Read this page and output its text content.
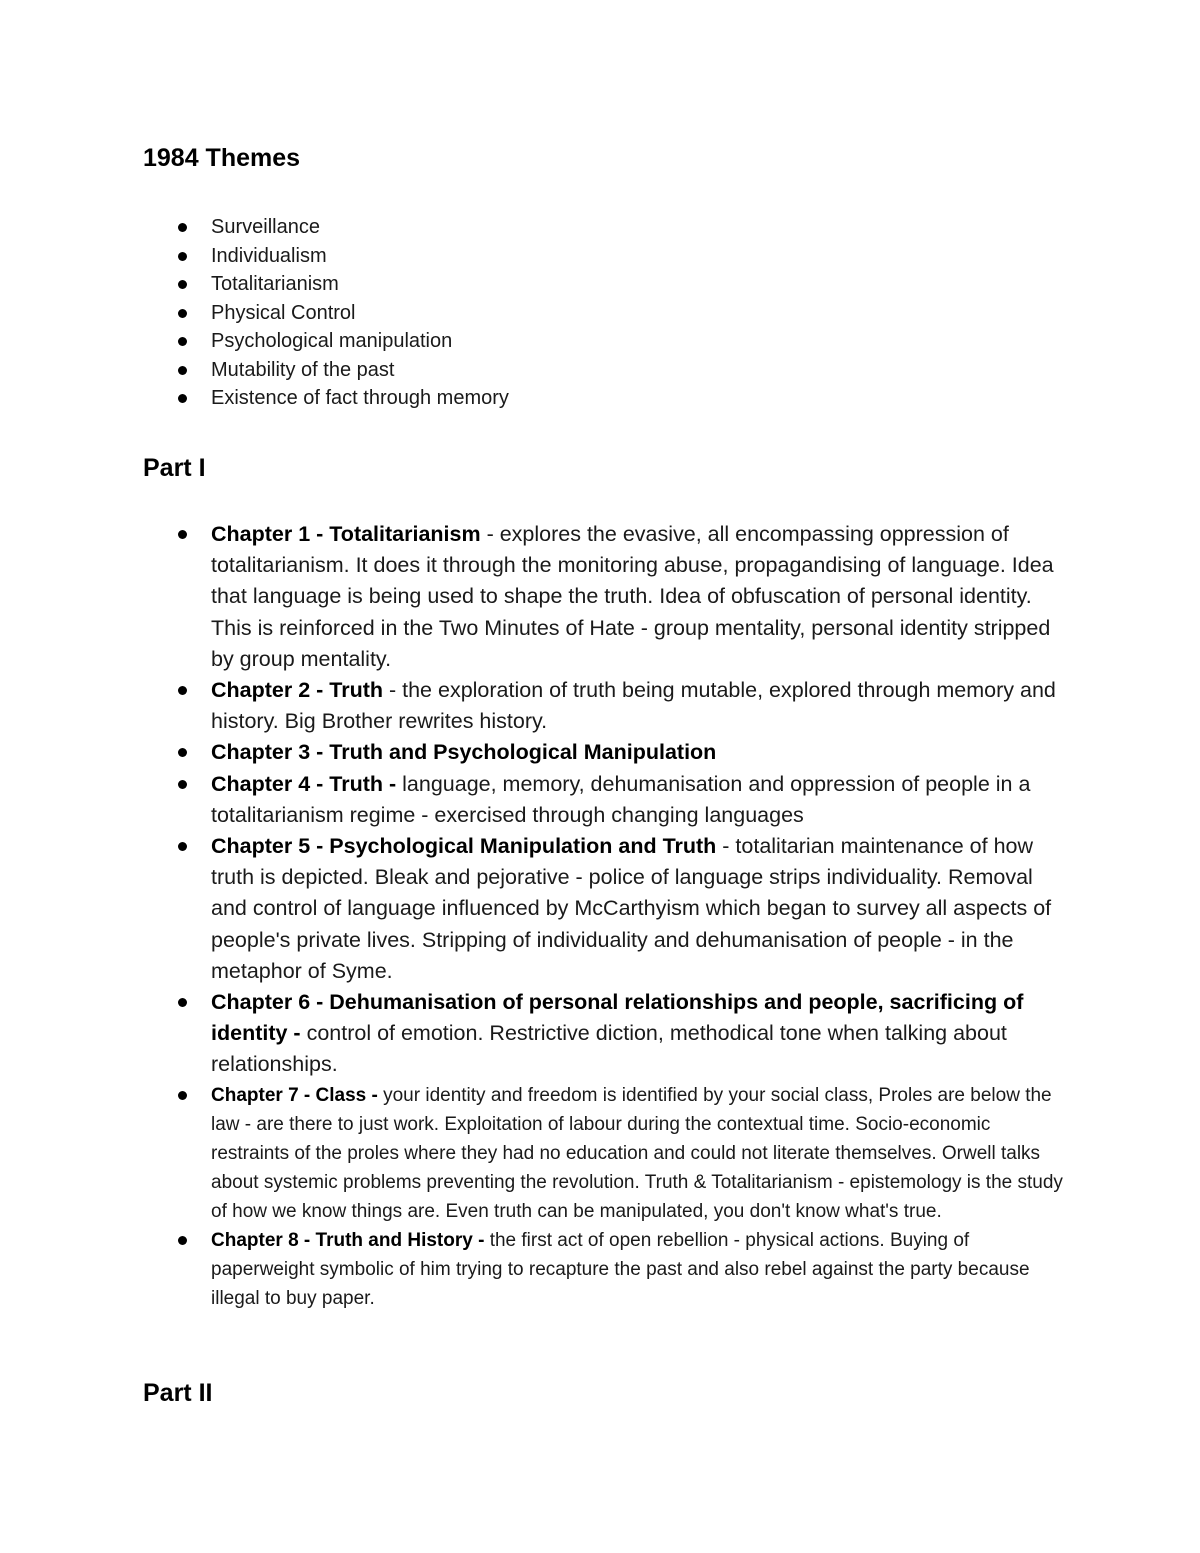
1984 Themes
Surveillance
Individualism
Totalitarianism
Physical Control
Psychological manipulation
Mutability of the past
Existence of fact through memory
Part I
Chapter 1 - Totalitarianism - explores the evasive, all encompassing oppression of totalitarianism. It does it through the monitoring abuse, propagandising of language. Idea that language is being used to shape the truth. Idea of obfuscation of personal identity. This is reinforced in the Two Minutes of Hate - group mentality, personal identity stripped by group mentality.
Chapter 2 - Truth - the exploration of truth being mutable, explored through memory and history. Big Brother rewrites history.
Chapter 3 - Truth and Psychological Manipulation
Chapter 4 - Truth - language, memory, dehumanisation and oppression of people in a totalitarianism regime - exercised through changing languages
Chapter 5 - Psychological Manipulation and Truth - totalitarian maintenance of how truth is depicted. Bleak and pejorative - police of language strips individuality. Removal and control of language influenced by McCarthyism which began to survey all aspects of people's private lives. Stripping of individuality and dehumanisation of people - in the metaphor of Syme.
Chapter 6 - Dehumanisation of personal relationships and people, sacrificing of identity - control of emotion. Restrictive diction, methodical tone when talking about relationships.
Chapter 7 - Class - your identity and freedom is identified by your social class, Proles are below the law - are there to just work. Exploitation of labour during the contextual time. Socio-economic restraints of the proles where they had no education and could not literate themselves. Orwell talks about systemic problems preventing the revolution. Truth & Totalitarianism - epistemology is the study of how we know things are. Even truth can be manipulated, you don't know what's true.
Chapter 8 - Truth and History - the first act of open rebellion - physical actions. Buying of paperweight symbolic of him trying to recapture the past and also rebel against the party because illegal to buy paper.
Part II
